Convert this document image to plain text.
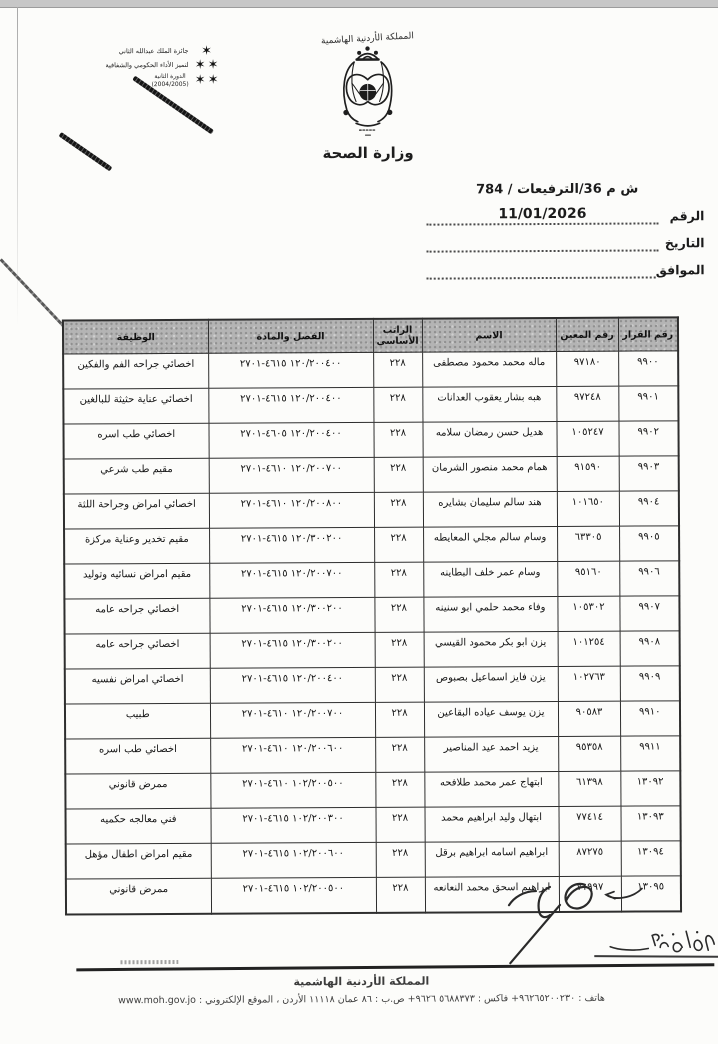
✶
جائزة الملك عبدالله الثاني
✶
✶
لتميز الأداء الحكومي والشفافية
✶
✶
الدورة الثانية
(2004/2005)
المملكة الأردنية الهاشمية
وزارة الصحة
ش م 36/الترفيعات / 784
الرقم
11/01/2026
التاريخ
الموافق
رقم القرار	رقم المعين	الاسم	الراتب الأساسي	الفصل والمادة	الوظيفة
٩٩٠٠	٩٧١٨٠	ماله محمد محمود مصطفى	٢٢٨	١٢٠/٢٠٠٤٠٠ ٤٦١٥-٢٧٠١	اخصائي جراحه الفم والفكين
٩٩٠١	٩٧٢٤٨	هبه بشار يعقوب العدانات	٢٢٨	١٢٠/٢٠٠٤٠٠ ٤٦١٥-٢٧٠١	اخصائي عناية حثيثة للبالغين
٩٩٠٢	١٠٥٢٤٧	هديل حسن رمضان سلامه	٢٢٨	١٢٠/٢٠٠٤٠٠ ٤٦٠٥-٢٧٠١	اخصائي طب اسره
٩٩٠٣	٩١٥٩٠	همام محمد منصور الشرمان	٢٢٨	١٢٠/٢٠٠٧٠٠ ٤٦١٠-٢٧٠١	مقيم طب شرعي
٩٩٠٤	١٠١٦٥٠	هند سالم سليمان بشايره	٢٢٨	١٢٠/٢٠٠٨٠٠ ٤٦١٠-٢٧٠١	اخصائي امراض وجراحة اللثة
٩٩٠٥	٦٣٣٠٥	وسام سالم مجلي المعايطه	٢٢٨	١٢٠/٣٠٠٢٠٠ ٤٦١٥-٢٧٠١	مقيم تخدير وعناية مركزة
٩٩٠٦	٩٥١٦٠	وسام عمر خلف البطاينه	٢٢٨	١٢٠/٢٠٠٧٠٠ ٤٦١٥-٢٧٠١	مقيم امراض نسائيه وتوليد
٩٩٠٧	١٠٥٣٠٢	وفاء محمد حلمي ابو سنينه	٢٢٨	١٢٠/٣٠٠٢٠٠ ٤٦١٥-٢٧٠١	اخصائي جراحه عامه
٩٩٠٨	١٠١٢٥٤	يزن ابو بكر محمود القيسي	٢٢٨	١٢٠/٣٠٠٢٠٠ ٤٦١٥-٢٧٠١	اخصائي جراحه عامه
٩٩٠٩	١٠٢٧٦٣	يزن فايز اسماعيل بصبوص	٢٢٨	١٢٠/٢٠٠٤٠٠ ٤٦١٥-٢٧٠١	اخصائي امراض نفسيه
٩٩١٠	٩٠٥٨٣	يزن يوسف عياده البقاعين	٢٢٨	١٢٠/٢٠٠٧٠٠ ٤٦١٠-٢٧٠١	طبيب
٩٩١١	٩٥٣٥٨	يزيد احمد عيد المناصير	٢٢٨	١٢٠/٢٠٠٦٠٠ ٤٦١٠-٢٧٠١	اخصائي طب اسره
١٣٠٩٢	٦١٣٩٨	ابتهاج عمر محمد طلافحه	٢٢٨	١٠٢/٢٠٠٥٠٠ ٤٦١٠-٢٧٠١	ممرض قانوني
١٣٠٩٣	٧٧٤١٤	ابتهال وليد ابراهيم محمد	٢٢٨	١٠٢/٢٠٠٣٠٠ ٤٦١٥-٢٧٠١	فني معالجه حكميه
١٣٠٩٤	٨٧٢٧٥	ابراهيم اسامه ابراهيم برقل	٢٢٨	١٠٢/٢٠٠٦٠٠ ٤٦١٥-٢٧٠١	مقيم امراض اطفال مؤهل
١٣٠٩٥	٧١٩٩٧	ابراهيم اسحق محمد النعانعه	٢٢٨	١٠٢/٢٠٠٥٠٠ ٤٦١٥-٢٧٠١	ممرض قانوني
المملكة الأردنية الهاشمية
هاتف : ٩٦٢٦٥٢٠٠٢٣٠+ فاكس : ٥٦٨٨٣٧٣ ٩٦٢٦+ ص.ب : ٨٦ عمان ١١١١٨ الأردن ، الموقع الإلكتروني : www.moh.gov.jo
